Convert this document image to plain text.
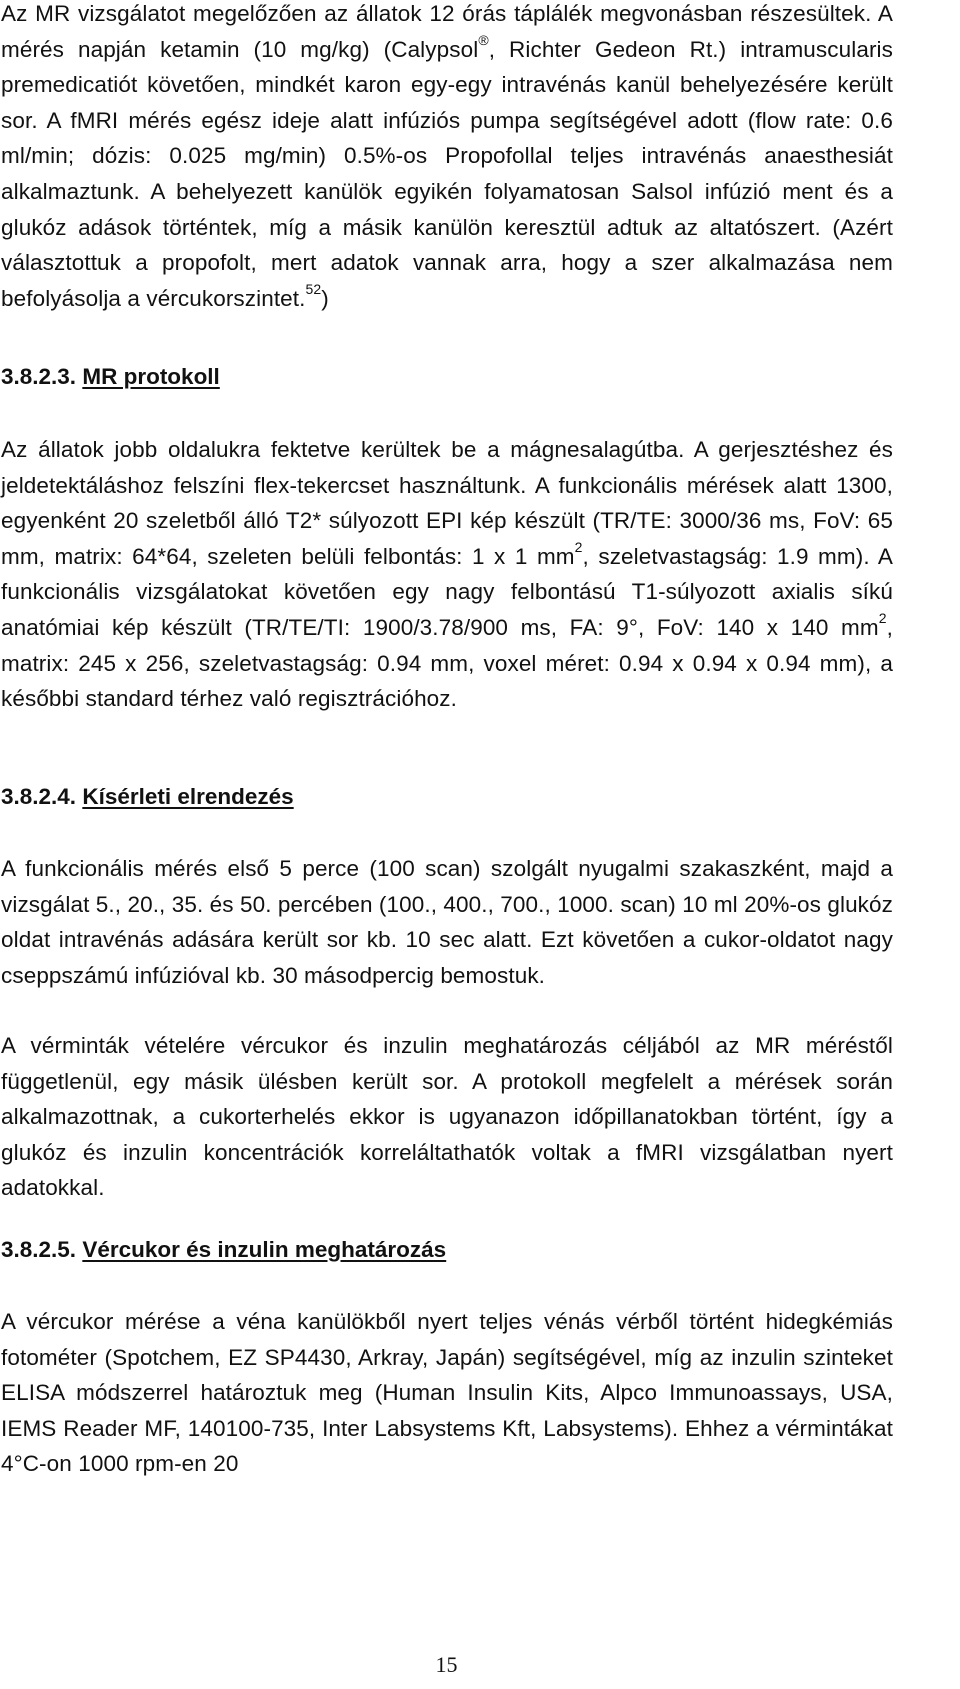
Az MR vizsgálatot megelőzően az állatok 12 órás táplálék megvonásban részesültek. A mérés napján ketamin (10 mg/kg) (Calypsol®, Richter Gedeon Rt.) intramuscularis premedicatiót követően, mindkét karon egy-egy intravénás kanül behelyezésére került sor. A fMRI mérés egész ideje alatt infúziós pumpa segítségével adott (flow rate: 0.6 ml/min; dózis: 0.025 mg/min) 0.5%-os Propofollal teljes intravénás anaesthesiát alkalmaztunk. A behelyezett kanülök egyikén folyamatosan Salsol infúzió ment és a glukóz adások történtek, míg a másik kanülön keresztül adtuk az altatószert. (Azért választottuk a propofolt, mert adatok vannak arra, hogy a szer alkalmazása nem befolyásolja a vércukorszintet.$^{52}$)

3.8.2.3. MR protokoll

Az állatok jobb oldalukra fektetve kerültek be a mágnesalagútba. A gerjesztéshez és jeldetektáláshoz felszíni flex-tekercset használtunk. A funkcionális mérések alatt 1300, egyenként 20 szeletből álló T2* súlyozott EPI kép készült (TR/TE: 3000/36 ms, FoV: 65 mm, matrix: 64*64, szeleten belüli felbontás: 1 x 1 $mm^2$, szeletvastagság: 1.9 mm). A funkcionális vizsgálatokat követően egy nagy felbontású T1-súlyozott axialis síkú anatómiai kép készült (TR/TE/TI: 1900/3.78/900 ms, FA: 9°, FoV: 140 x 140 $mm^2$, matrix: 245 x 256, szeletvastagság: 0.94 mm, voxel méret: 0.94 x 0.94 x 0.94 mm), a későbbi standard térhez való regisztrációhoz.

3.8.2.4. Kísérleti elrendezés

A funkcionális mérés első 5 perce (100 scan) szolgált nyugalmi szakaszként, majd a vizsgálat 5., 20., 35. és 50. percében (100., 400., 700., 1000. scan) 10 ml 20%-os glukóz oldat intravénás adására került sor kb. 10 sec alatt. Ezt követően a cukor-oldatot nagy cseppszámú infúzióval kb. 30 másodpercig bemostuk.

A vérminták vételére vércukor és inzulin meghatározás céljából az MR méréstől függetlenül, egy másik ülésben került sor. A protokoll megfelelt a mérések során alkalmazottnak, a cukorterhelés ekkor is ugyanazon időpillanatokban történt, így a glukóz és inzulin koncentrációk korreláltathatók voltak a fMRI vizsgálatban nyert adatokkal.

3.8.2.5. Vércukor és inzulin meghatározás

A vércukor mérése a véna kanülökből nyert teljes vénás vérből történt hidegkémiás fotométer (Spotchem, EZ SP4430, Arkray, Japán) segítségével, míg az inzulin szinteket ELISA módszerrel határoztuk meg (Human Insulin Kits, Alpco Immunoassays, USA, IEMS Reader MF, 140100-735, Inter Labsystems Kft, Labsystems). Ehhez a vérmintákat 4°C-on 1000 rpm-en 20

15
